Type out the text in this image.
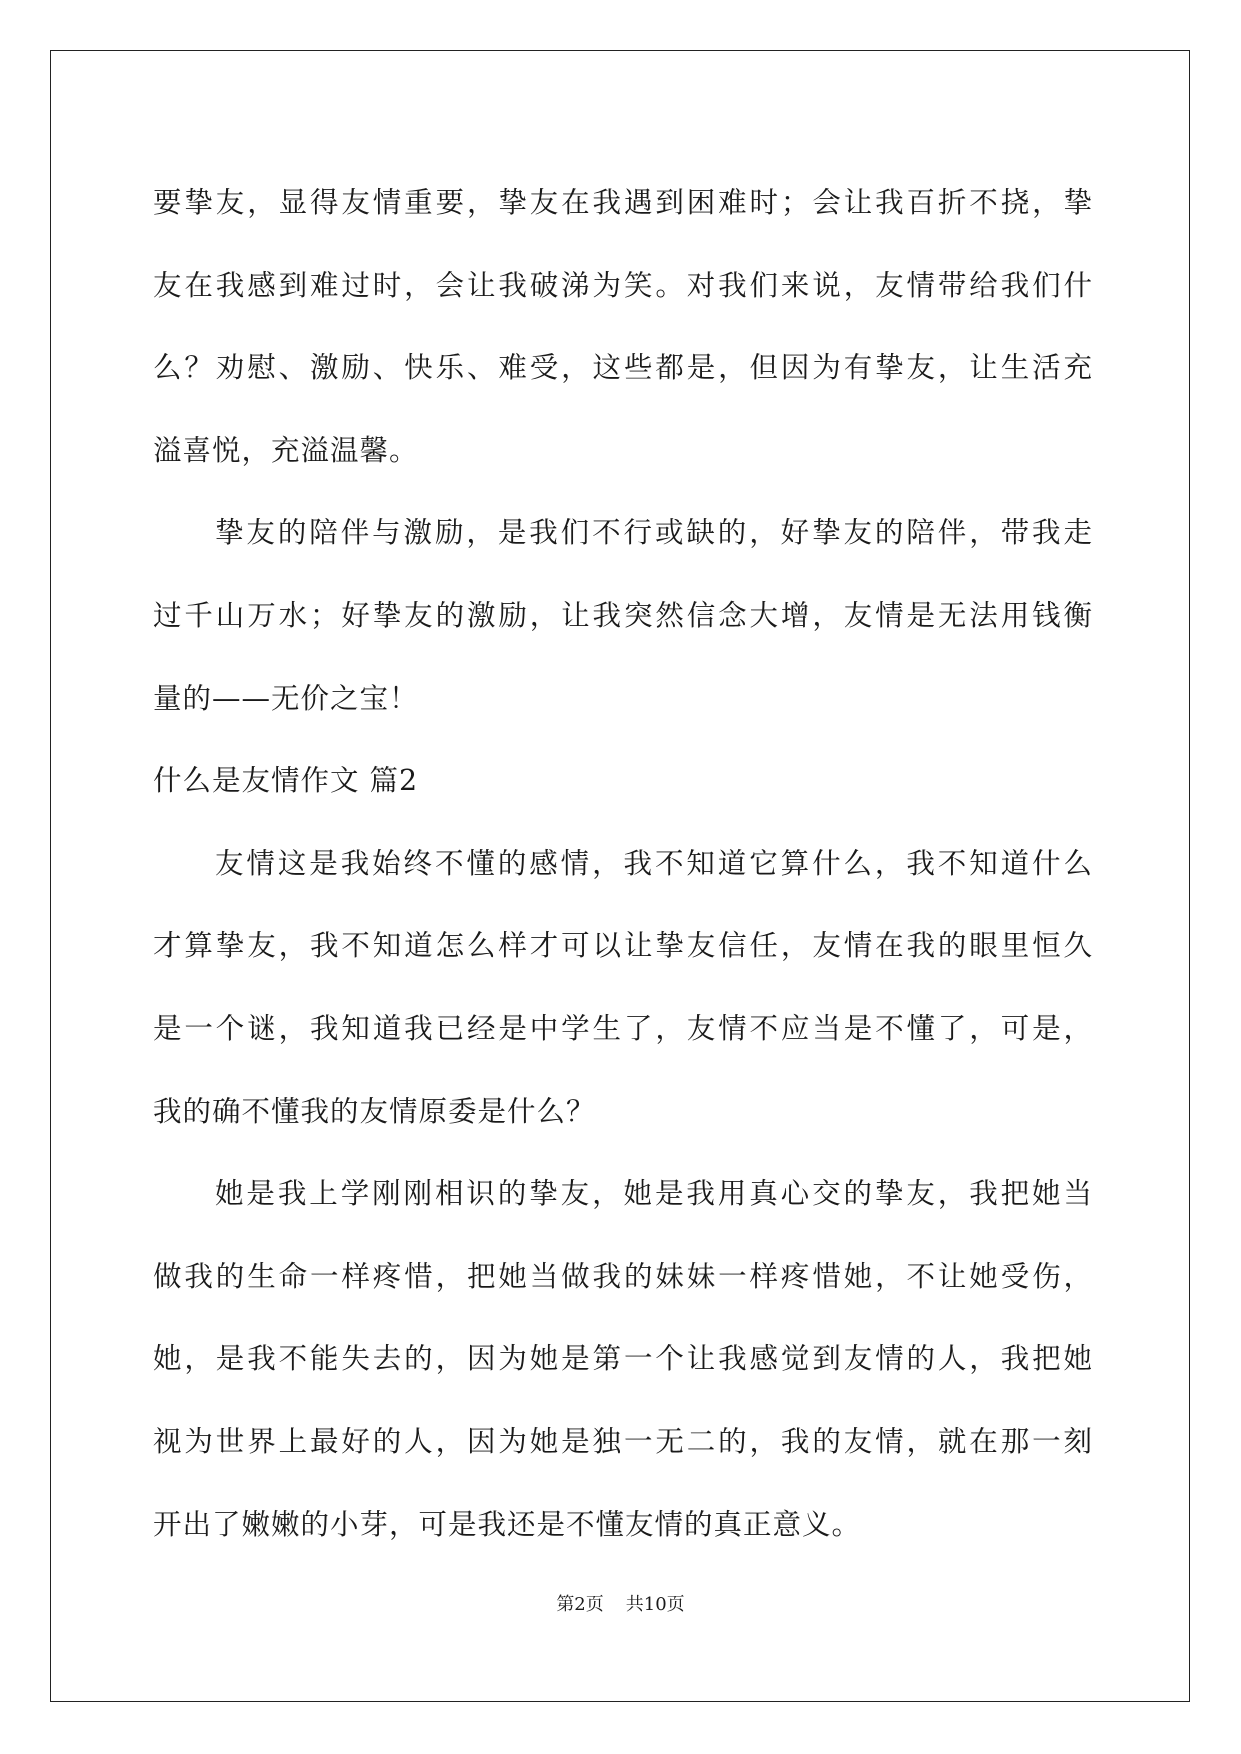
要挚友，显得友情重要，挚友在我遇到困难时；会让我百折不挠，挚
友在我感到难过时，会让我破涕为笑。对我们来说，友情带给我们什
么？劝慰、激励、快乐、难受，这些都是，但因为有挚友，让生活充
溢喜悦，充溢温馨。
挚友的陪伴与激励，是我们不行或缺的，好挚友的陪伴，带我走
过千山万水；好挚友的激励，让我突然信念大增，友情是无法用钱衡
量的——无价之宝！
什么是友情作文 篇2
友情这是我始终不懂的感情，我不知道它算什么，我不知道什么
才算挚友，我不知道怎么样才可以让挚友信任，友情在我的眼里恒久
是一个谜，我知道我已经是中学生了，友情不应当是不懂了，可是，
我的确不懂我的友情原委是什么？
她是我上学刚刚相识的挚友，她是我用真心交的挚友，我把她当
做我的生命一样疼惜，把她当做我的妹妹一样疼惜她，不让她受伤，
她，是我不能失去的，因为她是第一个让我感觉到友情的人，我把她
视为世界上最好的人，因为她是独一无二的，我的友情，就在那一刻
开出了嫩嫩的小芽，可是我还是不懂友情的真正意义。
第2页 共10页
